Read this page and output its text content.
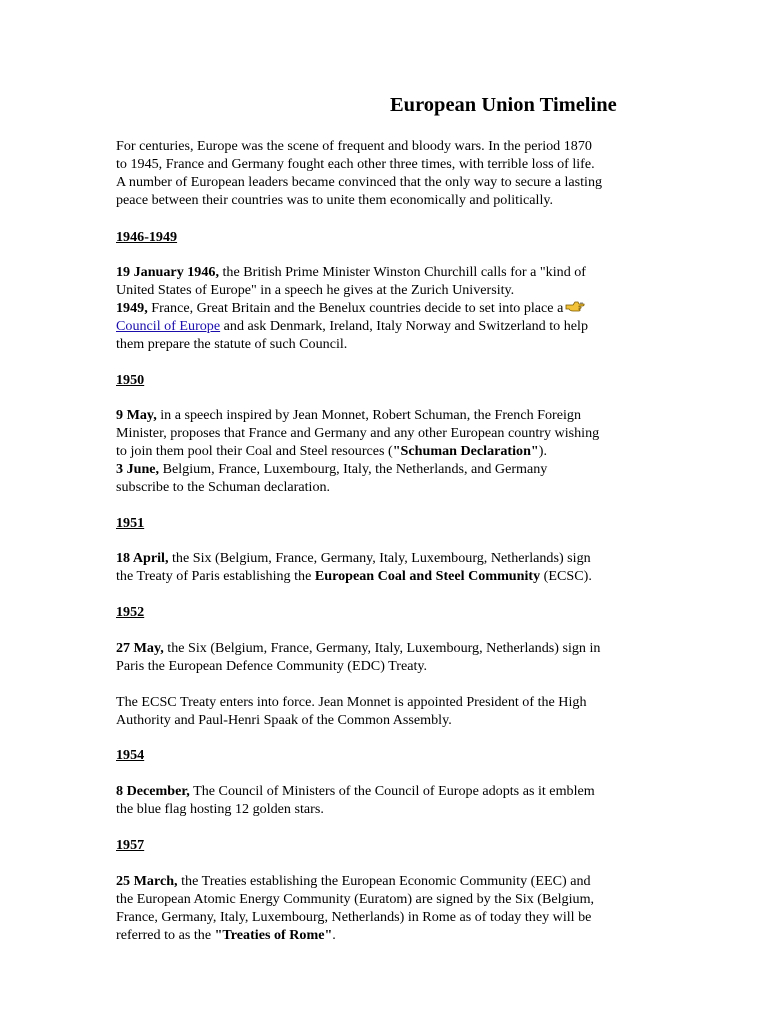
European Union Timeline

For centuries, Europe was the scene of frequent and bloody wars. In the period 1870
to 1945, France and Germany fought each other three times, with terrible loss of life.
A number of European leaders became convinced that the only way to secure a lasting
peace between their countries was to unite them economically and politically.

1946-1949

19 January 1946, the British Prime Minister Winston Churchill calls for a "kind of
United States of Europe" in a speech he gives at the Zurich University.
1949, France, Great Britain and the Benelux countries decide to set into place a
Council of Europe and ask Denmark, Ireland, Italy Norway and Switzerland to help
them prepare the statute of such Council.

1950

9 May, in a speech inspired by Jean Monnet, Robert Schuman, the French Foreign
Minister, proposes that France and Germany and any other European country wishing
to join them pool their Coal and Steel resources ("Schuman Declaration").
3 June, Belgium, France, Luxembourg, Italy, the Netherlands, and Germany
subscribe to the Schuman declaration.

1951

18 April, the Six (Belgium, France, Germany, Italy, Luxembourg, Netherlands) sign
the Treaty of Paris establishing the European Coal and Steel Community (ECSC).

1952

27 May, the Six (Belgium, France, Germany, Italy, Luxembourg, Netherlands) sign in
Paris the European Defence Community (EDC) Treaty.

The ECSC Treaty enters into force. Jean Monnet is appointed President of the High
Authority and Paul-Henri Spaak of the Common Assembly.

1954

8 December, The Council of Ministers of the Council of Europe adopts as it emblem
the blue flag hosting 12 golden stars.

1957

25 March, the Treaties establishing the European Economic Community (EEC) and
the European Atomic Energy Community (Euratom) are signed by the Six (Belgium,
France, Germany, Italy, Luxembourg, Netherlands) in Rome as of today they will be
referred to as the "Treaties of Rome".
